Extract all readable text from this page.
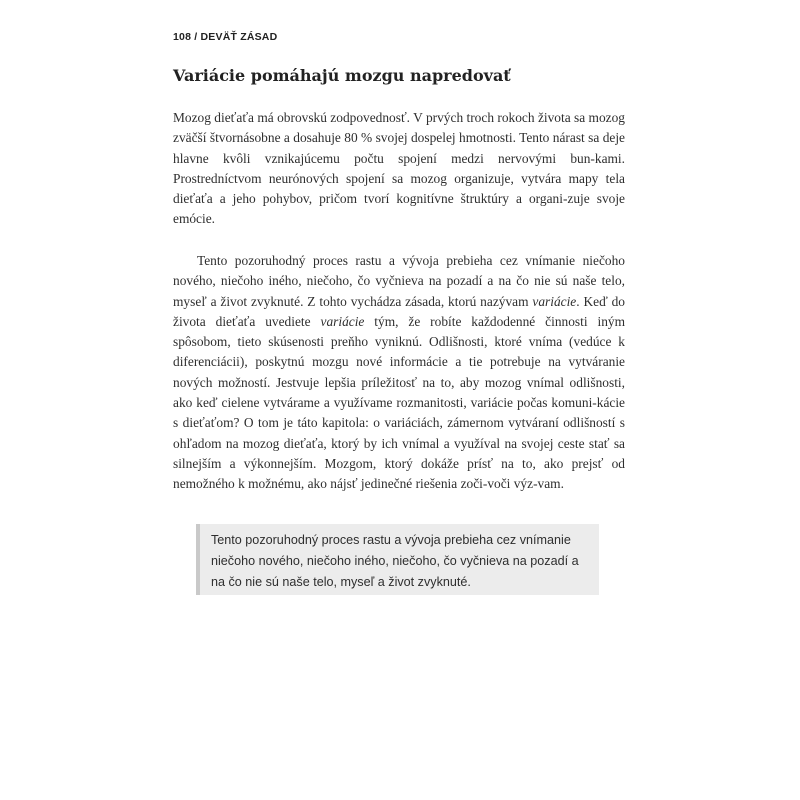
108 / DEVÄŤ ZÁSAD
Variácie pomáhajú mozgu napredovať

Mozog dieťaťa má obrovskú zodpovednosť. V prvých troch rokoch života sa mozog zväčší štvornásobne a dosahuje 80 % svojej dospelej hmotnosti. Tento nárast sa deje hlavne kvôli vznikajúcemu počtu spojení medzi nervovými bun-kami. Prostredníctvom neurónových spojení sa mozog organizuje, vytvára mapy tela dieťaťa a jeho pohybov, pričom tvorí kognitívne štruktúry a organi-zuje svoje emócie.

Tento pozoruhodný proces rastu a vývoja prebieha cez vnímanie niečoho nového, niečoho iného, niečoho, čo vyčnieva na pozadí a na čo nie sú naše telo, myseľ a život zvyknuté. Z tohto vychádza zásada, ktorú nazývam variácie. Keď do života dieťaťa uvediete variácie tým, že robíte každodenné činnosti iným spôsobom, tieto skúsenosti preňho vyniknú. Odlišnosti, ktoré vníma (vedúce k diferenciácii), poskytnú mozgu nové informácie a tie potrebuje na vytváranie nových možností. Jestvuje lepšia príležitosť na to, aby mozog vnímal odlišnosti, ako keď cielene vytvárame a využívame rozmanitosti, variácie počas komuni-kácie s dieťaťom? O tom je táto kapitola: o variáciách, zámernom vytváraní odlišností s ohľadom na mozog dieťaťa, ktorý by ich vnímal a využíval na svojej ceste stať sa silnejším a výkonnejším. Mozgom, ktorý dokáže prísť na to, ako prejsť od nemožného k možnému, ako nájsť jedinečné riešenia zoči-voči výz-vam.

Tento pozoruhodný proces rastu a vývoja prebieha cez vnímanie niečoho nového, niečoho iného, niečoho, čo vyčnieva na pozadí a na čo nie sú naše telo, myseľ a život zvyknuté.
